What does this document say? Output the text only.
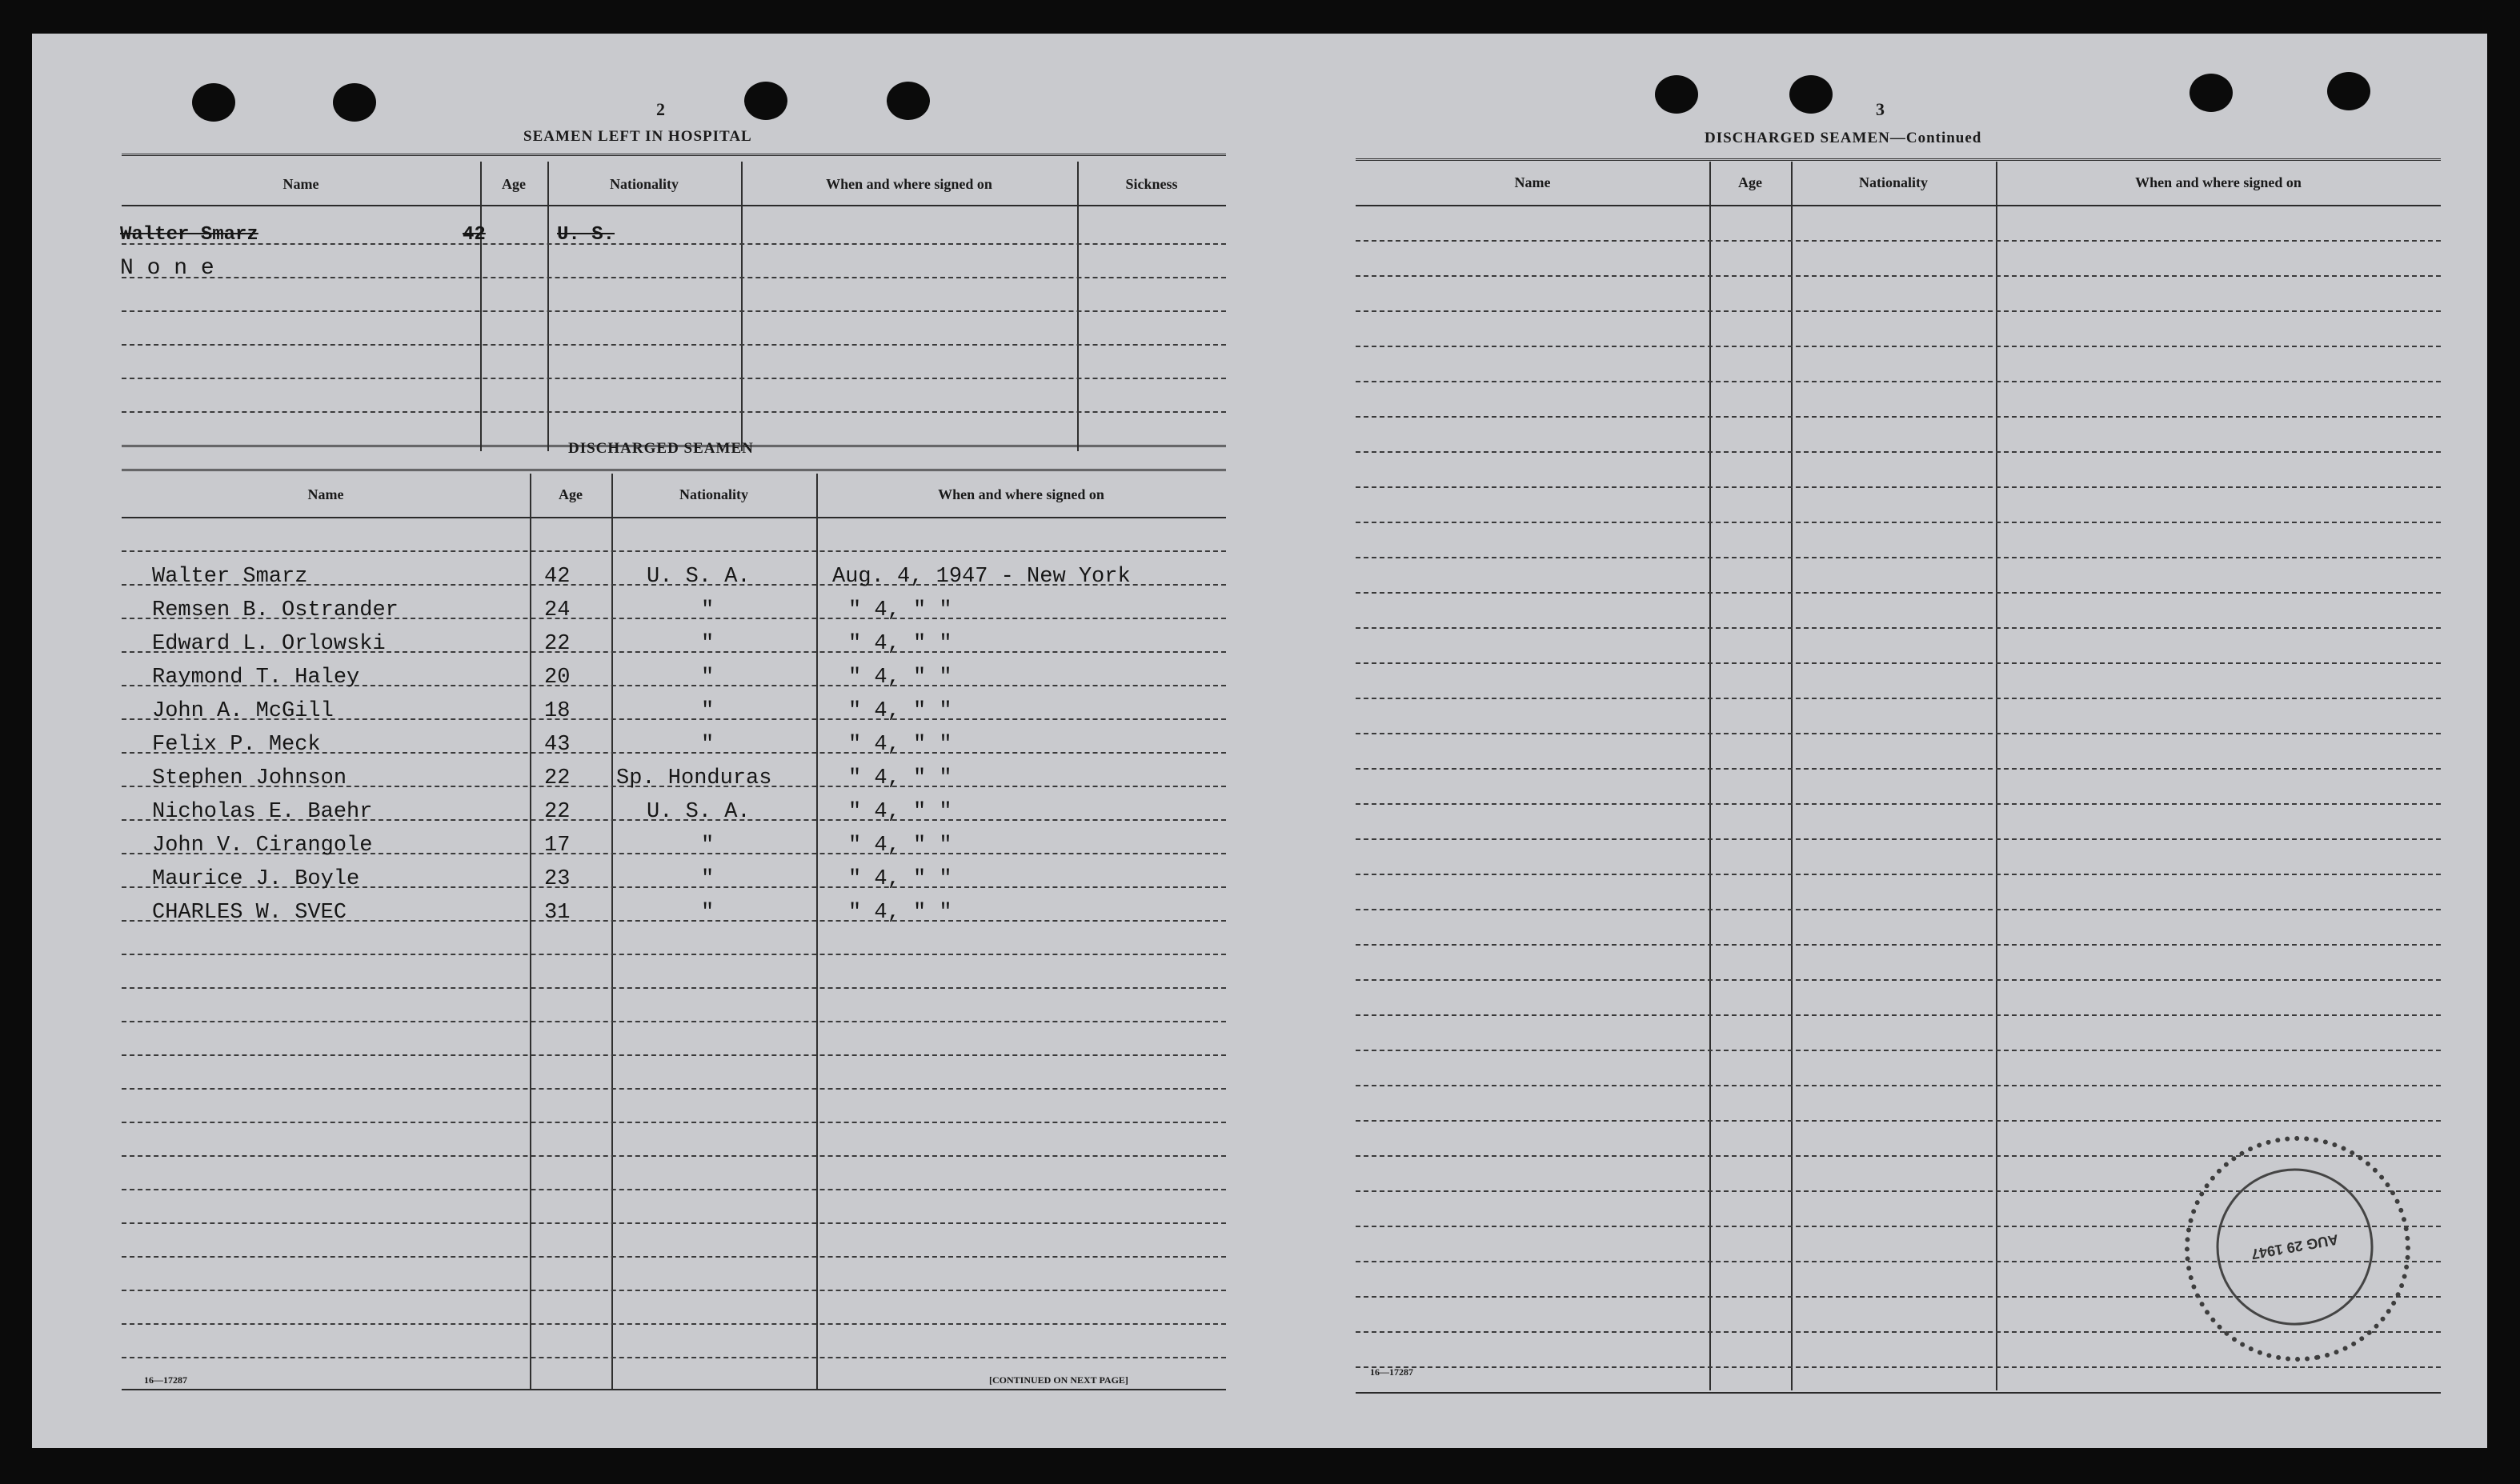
2
SEAMEN LEFT IN HOSPITAL
Name	Age	Nationality	When and where signed on	Sickness
Walter Smarz	42	U. S.
N o n e
DISCHARGED SEAMEN
Name	Age	Nationality	When and where signed on
Walter Smarz	42	U. S. A.	Aug. 4, 1947 - New York
Remsen B. Ostrander	24	"	" 4, " "
Edward L. Orlowski	22	"	" 4, " "
Raymond T. Haley	20	"	" 4, " "
John A. McGill	18	"	" 4, " "
Felix P. Meck	43	"	" 4, " "
Stephen Johnson	22 Sp. Honduras	" 4, " "
Nicholas E. Baehr	22	U. S. A.	" 4, " "
John V. Cirangole	17	"	" 4, " "
Maurice J. Boyle	23	"	" 4, " "
CHARLES W. SVEC	31	"	" 4, " "
16—17287	[CONTINUED ON NEXT PAGE]
3
DISCHARGED SEAMEN—Continued
Name	Age	Nationality	When and where signed on
16—17287
AUG 29 1947
